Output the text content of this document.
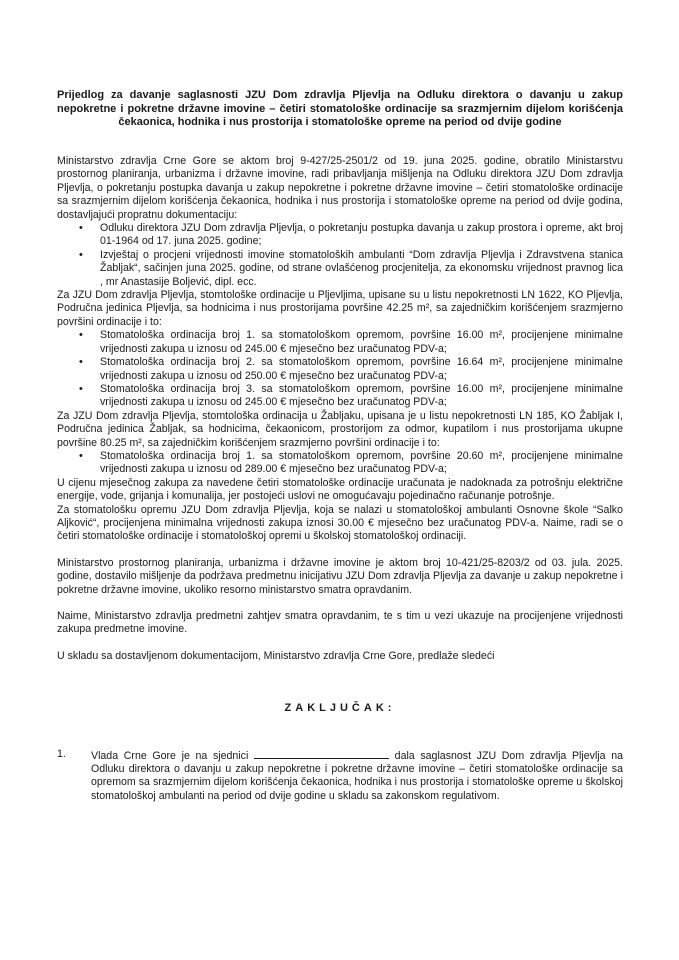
Prijedlog za davanje saglasnosti JZU Dom zdravlja Pljevlja na Odluku direktora o davanju u zakup nepokretne i pokretne državne imovine – četiri stomatološke ordinacije sa srazmjernim dijelom korišćenja čekaonica, hodnika i nus prostorija i stomatološke opreme na period od dvije godine

Ministarstvo zdravlja Crne Gore se aktom broj 9-427/25-2501/2 od 19. juna 2025. godine, obratilo Ministarstvu prostornog planiranja, urbanizma i državne imovine, radi pribavljanja mišljenja na Odluku direktora JZU Dom zdravlja Pljevlja, o pokretanju postupka davanja u zakup nepokretne i pokretne državne imovine – četiri stomatološke ordinacije sa srazmjernim dijelom korišćenja čekaonica, hodnika i nus prostorija i stomatološke opreme na period od dvije godina, dostavljajući propratnu dokumentaciju:

• Odluku direktora JZU Dom zdravlja Pljevlja, o pokretanju postupka davanja u zakup prostora i opreme, akt broj 01-1964 od 17. juna 2025. godine;
• Izvještaj o procjeni vrijednosti imovine stomatoloških ambulanti “Dom zdravlja Pljevlja i Zdravstvena stanica Žabljak“, sačinjen juna 2025. godine, od strane ovlašćenog procjenitelja, za ekonomsku vrijednost pravnog lica , mr Anastasije Boljević, dipl. ecc.

Za JZU Dom zdravlja Pljevlja, stomtološke ordinacije u Pljevljima, upisane su u listu nepokretnosti LN 1622, KO Pljevlja, Područna jedinica Pljevlja, sa hodnicima i nus prostorijama površine 42.25 m², sa zajedničkim korišćenjem srazmjerno površini ordinacije i to:

• Stomatološka ordinacija broj 1. sa stomatološkom opremom, površine 16.00 m², procijenjene minimalne vrijednosti zakupa u iznosu od 245.00 € mjesečno bez uračunatog PDV-a;
• Stomatološka ordinacija broj 2. sa stomatološkom opremom, površine 16.64 m², procijenjene minimalne vrijednosti zakupa u iznosu od 250.00 € mjesečno bez uračunatog PDV-a;
• Stomatološka ordinacija broj 3. sa stomatološkom opremom, površine 16.00 m², procijenjene minimalne vrijednosti zakupa u iznosu od 245.00 € mjesečno bez uračunatog PDV-a;

Za JZU Dom zdravlja Pljevlja, stomtološka ordinacija u Žabljaku, upisana je u listu nepokretnosti LN 185, KO Žabljak I, Područna jedinica Žabljak, sa hodnicima, čekaonicom, prostorijom za odmor, kupatilom i nus prostorijama ukupne površine 80.25 m², sa zajedničkim korišćenjem srazmjerno površini ordinacije i to:

• Stomatološka ordinacija broj 1. sa stomatološkom opremom, površine 20.60 m², procijenjene minimalne vrijednosti zakupa u iznosu od 289.00 € mjesečno bez uračunatog PDV-a;

U cijenu mjesečnog zakupa za navedene četiri stomatološke ordinacije uračunata je nadoknada za potrošnju električne energije, vode, grijanja i komunalija, jer postojeći uslovi ne omogućavaju pojedinačno računanje potrošnje.

Za stomatološku opremu JZU Dom zdravlja Pljevlja, koja se nalazi u stomatološkoj ambulanti Osnovne škole “Salko Aljković“, procijenjena minimalna vrijednosti zakupa iznosi 30.00 € mjesečno bez uračunatog PDV-a. Naime, radi se o četiri stomatološke ordinacije i stomatološkoj opremi u školskoj stomatološkoj ordinaciji.

Ministarstvo prostornog planiranja, urbanizma i državne imovine je aktom broj 10-421/25-8203/2 od 03. jula. 2025. godine, dostavilo mišljenje da podržava predmetnu inicijativu JZU Dom zdravlja Pljevlja za davanje u zakup nepokretne i pokretne državne imovine, ukoliko resorno ministarstvo smatra opravdanim.

Naime, Ministarstvo zdravlja predmetni zahtjev smatra opravdanim, te s tim u vezi ukazuje na procijenjene vrijednosti zakupa predmetne imovine.

U skladu sa dostavljenom dokumentacijom, Ministarstvo zdravlja Crne Gore, predlaže sledeći

ZAKLJUČAK:

1.	Vlada Crne Gore je na sjednici	dala saglasnost JZU Dom zdravlja Pljevlja na Odluku direktora o davanju u zakup nepokretne i pokretne državne imovine – četiri stomatološke ordinacije sa opremom sa srazmjernim dijelom korišćenja čekaonica, hodnika i nus prostorija i stomatološke opreme u školskoj stomatološkoj ambulanti na period od dvije godine u skladu sa zakonskom regulativom.
